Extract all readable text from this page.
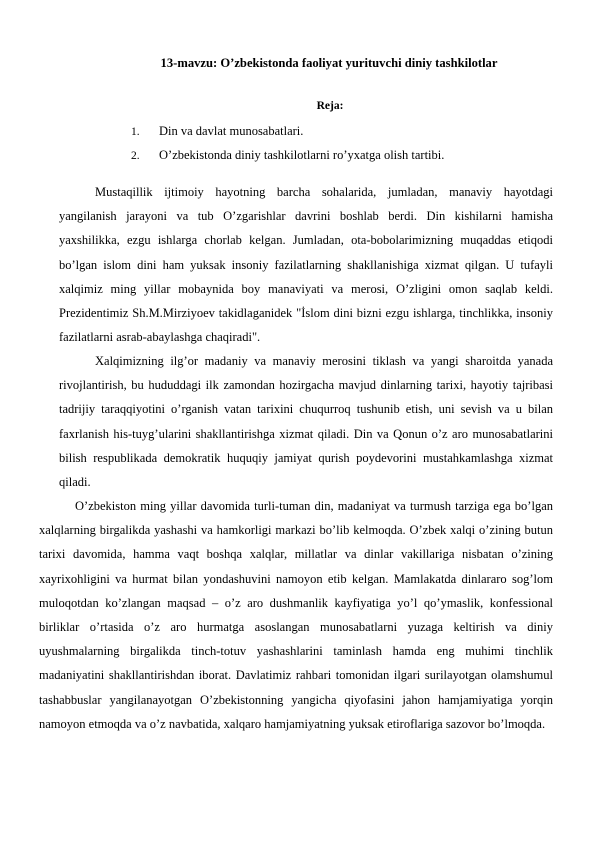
13-mavzu: O’zbekistonda faoliyat yurituvchi diniy tashkilotlar
Reja:
1. Din va davlat munosabatlari.
2. O’zbekistonda diniy tashkilotlarni ro’yxatga olish tartibi.

Mustaqillik ijtimoiy hayotning barcha sohalarida, jumladan, manaviy hayotdagi yangilanish jarayoni va tub O’zgarishlar davrini boshlab berdi. Din kishilarni hamisha yaxshilikka, ezgu ishlarga chorlab kelgan. Jumladan, ota-bobolarimizning muqaddas etiqodi bo’lgan islom dini ham yuksak insoniy fazilatlarning shakllanishiga xizmat qilgan. U tufayli xalqimiz ming yillar mobaynida boy manaviyati va merosi, O’zligini omon saqlab keldi. Prezidentimiz Sh.M.Mirziyoev takidlaganidek "İslom dini bizni ezgu ishlarga, tinchlikka, insoniy fazilatlarni asrab-abaylashga chaqiradi".

Xalqimizning ilg’or madaniy va manaviy merosini tiklash va yangi sharoitda yanada rivojlantirish, bu hududdagi ilk zamondan hozirgacha mavjud dinlarning tarixi, hayotiy tajribasi tadrijiy taraqqiyotini o’rganish vatan tarixini chuqurroq tushunib etish, uni sevish va u bilan faxrlanish his-tuyg’ularini shakllantirishga xizmat qiladi. Din va Qonun o’z aro munosabatlarini bilish respublikada demokratik huquqiy jamiyat qurish poydevorini mustahkamlashga xizmat qiladi.

O’zbekiston ming yillar davomida turli-tuman din, madaniyat va turmush tarziga ega bo’lgan xalqlarning birgalikda yashashi va hamkorligi markazi bo’lib kelmoqda. O’zbek xalqi o’zining butun tarixi davomida, hamma vaqt boshqa xalqlar, millatlar va dinlar vakillariga nisbatan o’zining xayrixohligini va hurmat bilan yondashuvini namoyon etib kelgan. Mamlakatda dinlararo sog’lom muloqotdan ko’zlangan maqsad – o’z aro dushmanlik kayfiyatiga yo’l qo’ymaslik, konfessional birliklar o’rtasida o’z aro hurmatga asoslangan munosabatlarni yuzaga keltirish va diniy uyushmalarning birgalikda tinch-totuv yashashlarini taminlash hamda eng muhimi tinchlik madaniyatini shakllantirishdan iborat. Davlatimiz rahbari tomonidan ilgari surilayotgan olamshumul tashabbuslar yangilanayotgan O’zbekistonning yangicha qiyofasini jahon hamjamiyatiga yorqin namoyon etmoqda va o’z navbatida, xalqaro hamjamiyatning yuksak etiroflariga sazovor bo’lmoqda.
